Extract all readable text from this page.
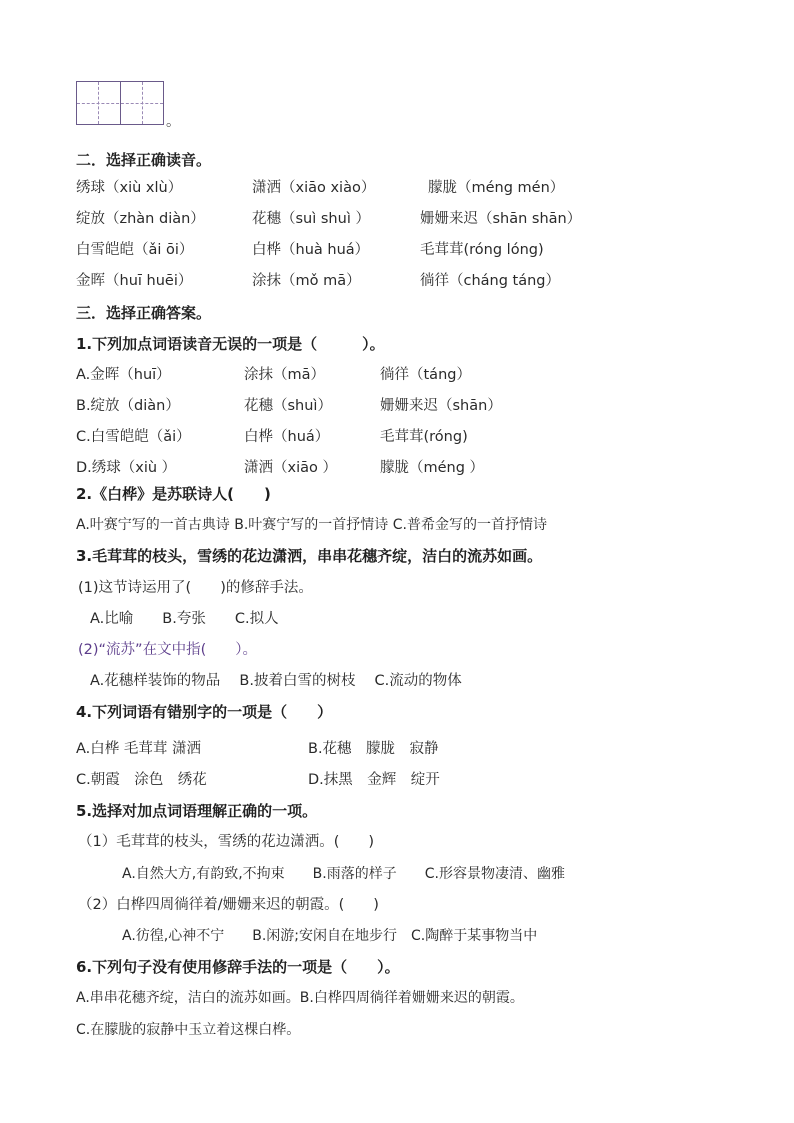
。
二．选择正确读音。
绣球（xiù xlù）	潇洒（xiāo xiào）	朦胧（méng mén）
绽放（zhàn diàn）	花穗（suì shuì ）	姗姗来迟（shān shān）
白雪皑皑（ǎi ōi）	白桦（huà huá）	毛茸茸(róng lóng)
金晖（huī huēi）	涂抹（mǒ mā）	徜徉（cháng táng）
三．选择正确答案。
1.下列加点词语读音无误的一项是（　　　）。
A.金晖（huī）	涂抹（mā）	徜徉（táng）
B.绽放（diàn）	花穗（shuì）	姗姗来迟（shān）
C.白雪皑皑（ǎi）	白桦（huá）	毛茸茸(róng)
D.绣球（xiù ）	潇洒（xiāo ）	朦胧（méng ）
2.《白桦》是苏联诗人(　　)
A.叶赛宁写的一首古典诗 B.叶赛宁写的一首抒情诗 C.普希金写的一首抒情诗
3.毛茸茸的枝头，雪绣的花边潇洒，串串花穗齐绽，洁白的流苏如画。
(1)这节诗运用了(　　)的修辞手法。
A.比喻　　B.夸张　　C.拟人
(2)“流苏”在文中指(　　）。
A.花穗样装饰的物品　 B.披着白雪的树枝　 C.流动的物体
4.下列词语有错别字的一项是（　　）
A.白桦 毛茸茸 潇洒	B.花穗　朦胧　寂静
C.朝霞　涂色　绣花	D.抹黑　金辉　绽开
5.选择对加点词语理解正确的一项。
（1）毛茸茸的枝头，雪绣的花边潇洒。(　　)
A.自然大方,有韵致,不拘束　　B.雨落的样子　　C.形容景物凄清、幽雅
（2）白桦四周徜徉着/姗姗来迟的朝霞。(　　)
A.彷徨,心神不宁　　B.闲游;安闲自在地步行　C.陶醉于某事物当中
6.下列句子没有使用修辞手法的一项是（　　）。
A.串串花穗齐绽，洁白的流苏如画。B.白桦四周徜徉着姗姗来迟的朝霞。
C.在朦胧的寂静中玉立着这棵白桦。
